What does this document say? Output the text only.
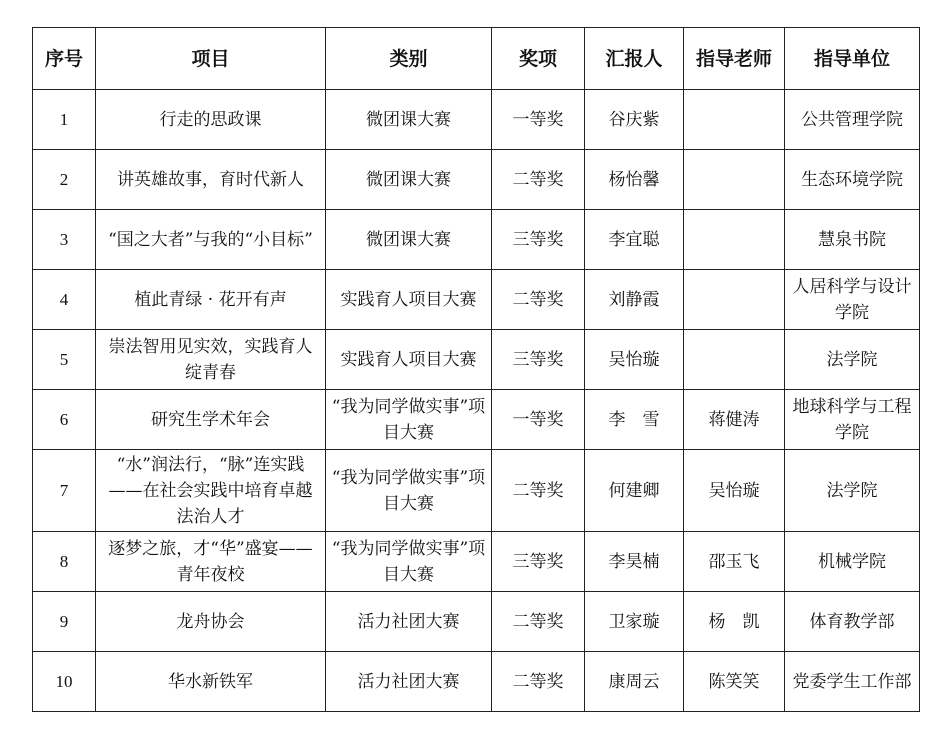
序号	项目	类别	奖项	汇报人	指导老师	指导单位
1	行走的思政课	微团课大赛	一等奖	谷庆紫		公共管理学院
2	讲英雄故事，育时代新人	微团课大赛	二等奖	杨怡馨		生态环境学院
3	“国之大者”与我的“小目标”	微团课大赛	三等奖	李宜聪		慧泉书院
4	植此青绿 · 花开有声	实践育人项目大赛	二等奖	刘静霞		人居科学与设计学院
5	崇法智用见实效，实践育人绽青春	实践育人项目大赛	三等奖	吴怡璇		法学院
6	研究生学术年会	“我为同学做实事”项目大赛	一等奖	李　雪	蒋健涛	地球科学与工程学院
7	“水”润法行，“脉”连实践——在社会实践中培育卓越法治人才	“我为同学做实事”项目大赛	二等奖	何建卿	吴怡璇	法学院
8	逐梦之旅，才“华”盛宴——青年夜校	“我为同学做实事”项目大赛	三等奖	李昊楠	邵玉飞	机械学院
9	龙舟协会	活力社团大赛	二等奖	卫家璇	杨　凯	体育教学部
10	华水新铁军	活力社团大赛	二等奖	康周云	陈笑笑	党委学生工作部
